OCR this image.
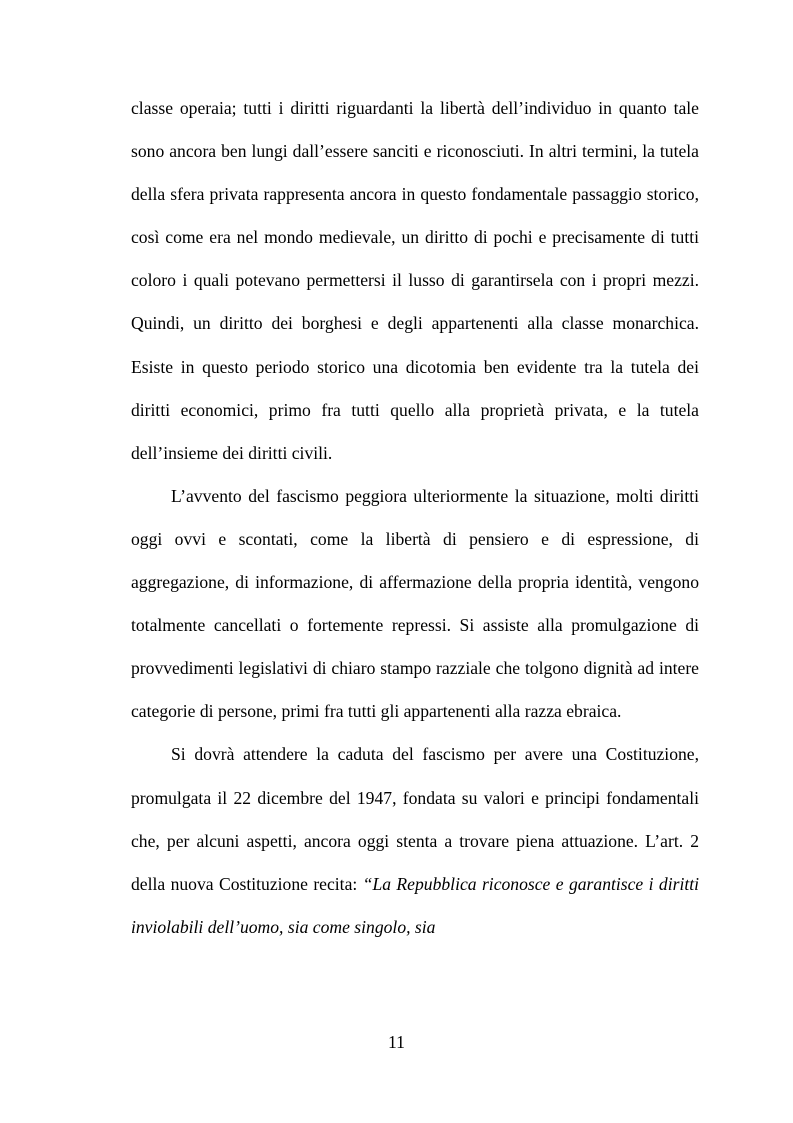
classe operaia; tutti i diritti riguardanti la libertà dell’individuo in quanto tale sono ancora ben lungi dall’essere sanciti e riconosciuti. In altri termini, la tutela della sfera privata rappresenta ancora in questo fondamentale passaggio storico, così come era nel mondo medievale, un diritto di pochi e precisamente di tutti coloro i quali potevano permettersi il lusso di garantirsela con i propri mezzi. Quindi, un diritto dei borghesi e degli appartenenti alla classe monarchica. Esiste in questo periodo storico una dicotomia ben evidente tra la tutela dei diritti economici, primo fra tutti quello alla proprietà privata, e la tutela dell’insieme dei diritti civili.

L’avvento del fascismo peggiora ulteriormente la situazione, molti diritti oggi ovvi e scontati, come la libertà di pensiero e di espressione, di aggregazione, di informazione, di affermazione della propria identità, vengono totalmente cancellati o fortemente repressi. Si assiste alla promulgazione di provvedimenti legislativi di chiaro stampo razziale che tolgono dignità ad intere categorie di persone, primi fra tutti gli appartenenti alla razza ebraica.

Si dovrà attendere la caduta del fascismo per avere una Costituzione, promulgata il 22 dicembre del 1947, fondata su valori e principi fondamentali che, per alcuni aspetti, ancora oggi stenta a trovare piena attuazione. L’art. 2 della nuova Costituzione recita: “La Repubblica riconosce e garantisce i diritti inviolabili dell’uomo, sia come singolo, sia

11
